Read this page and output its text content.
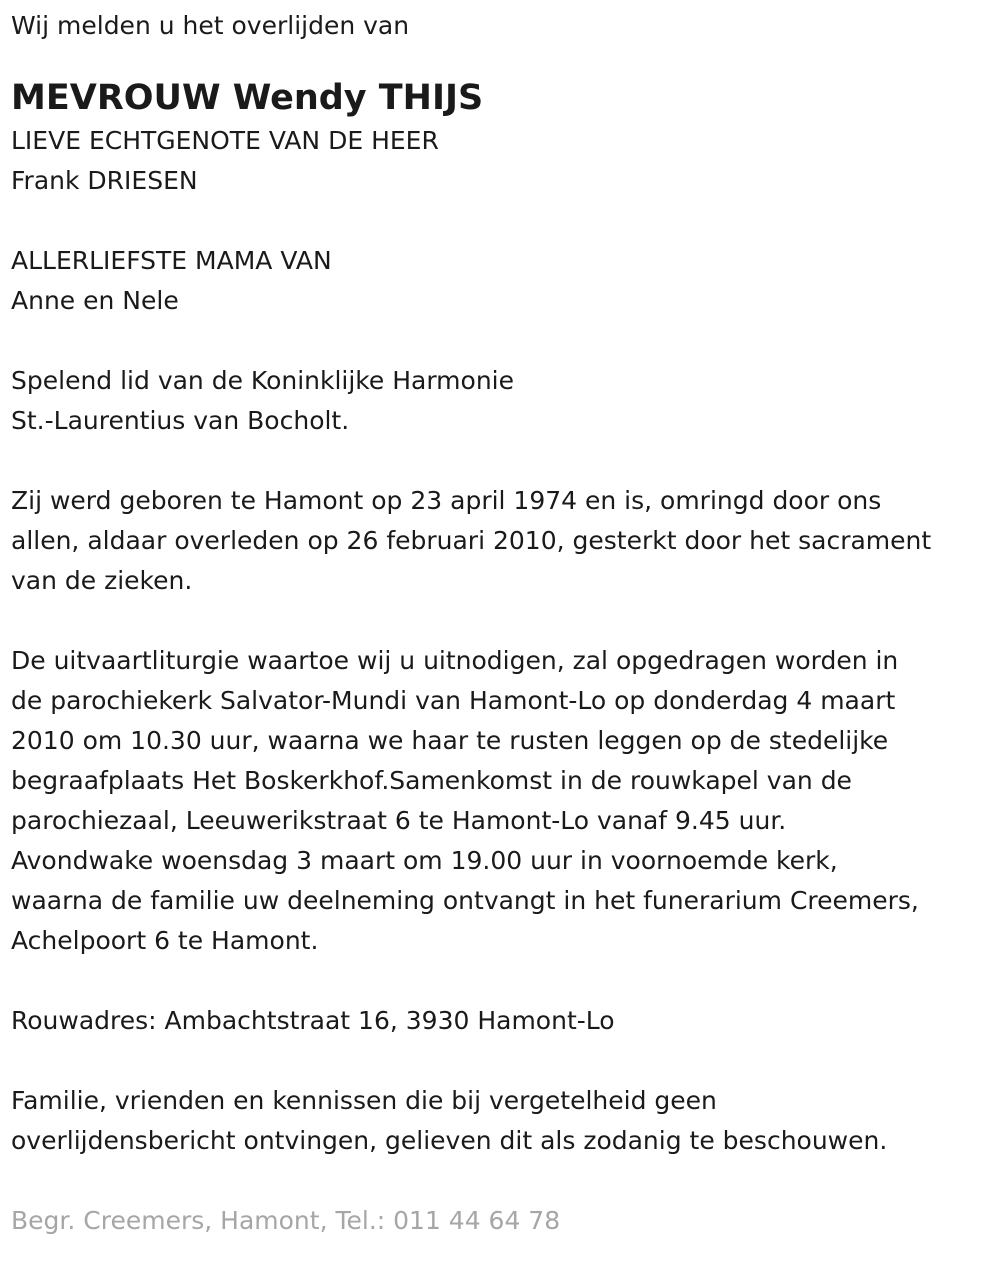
Wij melden u het overlijden van

MEVROUW Wendy THIJS

LIEVE ECHTGENOTE VAN DE HEER

Frank DRIESEN

ALLERLIEFSTE MAMA VAN

Anne en Nele

Spelend lid van de Koninklijke Harmonie

St.-Laurentius van Bocholt.

Zij werd geboren te Hamont op 23 april 1974 en is, omringd door ons

allen, aldaar overleden op 26 februari 2010, gesterkt door het sacrament

van de zieken.

De uitvaartliturgie waartoe wij u uitnodigen, zal opgedragen worden in

de parochiekerk Salvator-Mundi van Hamont-Lo op donderdag 4 maart

2010 om 10.30 uur, waarna we haar te rusten leggen op de stedelijke

begraafplaats Het Boskerkhof.Samenkomst in de rouwkapel van de

parochiezaal, Leeuwerikstraat 6 te Hamont-Lo vanaf 9.45 uur.

Avondwake woensdag 3 maart om 19.00 uur in voornoemde kerk,

waarna de familie uw deelneming ontvangt in het funerarium Creemers,

Achelpoort 6 te Hamont.

Rouwadres: Ambachtstraat 16, 3930 Hamont-Lo

Familie, vrienden en kennissen die bij vergetelheid geen

overlijdensbericht ontvingen, gelieven dit als zodanig te beschouwen.

Begr. Creemers, Hamont, Tel.: 011 44 64 78
